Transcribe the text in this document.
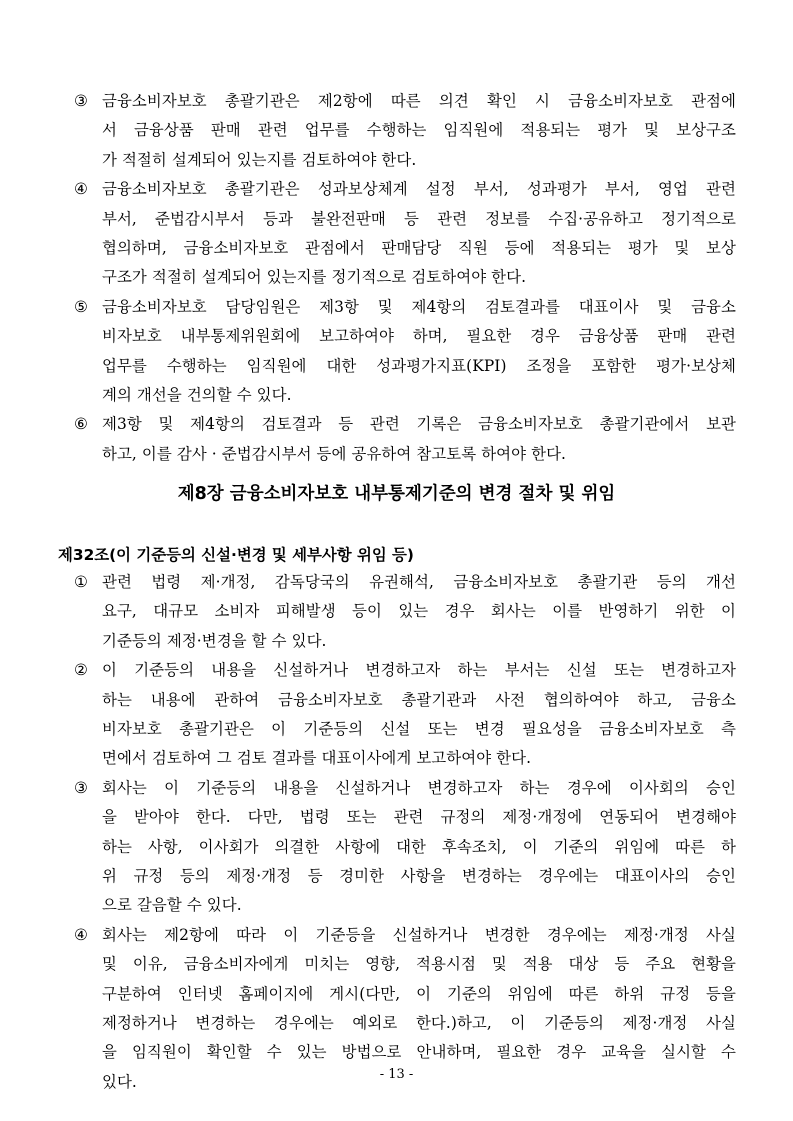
③ 금융소비자보호 총괄기관은 제2항에 따른 의견 확인 시 금융소비자보호 관점에
서 금융상품 판매 관련 업무를 수행하는 임직원에 적용되는 평가 및 보상구조
가 적절히 설계되어 있는지를 검토하여야 한다.
④ 금융소비자보호 총괄기관은 성과보상체계 설정 부서, 성과평가 부서, 영업 관련
부서, 준법감시부서 등과 불완전판매 등 관련 정보를 수집·공유하고 정기적으로
협의하며, 금융소비자보호 관점에서 판매담당 직원 등에 적용되는 평가 및 보상
구조가 적절히 설계되어 있는지를 정기적으로 검토하여야 한다.
⑤ 금융소비자보호 담당임원은 제3항 및 제4항의 검토결과를 대표이사 및 금융소
비자보호 내부통제위원회에 보고하여야 하며, 필요한 경우 금융상품 판매 관련
업무를 수행하는 임직원에 대한 성과평가지표(KPI) 조정을 포함한 평가·보상체
계의 개선을 건의할 수 있다.
⑥ 제3항 및 제4항의 검토결과 등 관련 기록은 금융소비자보호 총괄기관에서 보관
하고, 이를 감사 · 준법감시부서 등에 공유하여 참고토록 하여야 한다.
제8장 금융소비자보호 내부통제기준의 변경 절차 및 위임
제32조(이 기준등의 신설·변경 및 세부사항 위임 등)
① 관련 법령 제·개정, 감독당국의 유권해석, 금융소비자보호 총괄기관 등의 개선
요구, 대규모 소비자 피해발생 등이 있는 경우 회사는 이를 반영하기 위한 이
기준등의 제정·변경을 할 수 있다.
② 이 기준등의 내용을 신설하거나 변경하고자 하는 부서는 신설 또는 변경하고자
하는 내용에 관하여 금융소비자보호 총괄기관과 사전 협의하여야 하고, 금융소
비자보호 총괄기관은 이 기준등의 신설 또는 변경 필요성을 금융소비자보호 측
면에서 검토하여 그 검토 결과를 대표이사에게 보고하여야 한다.
③ 회사는 이 기준등의 내용을 신설하거나 변경하고자 하는 경우에 이사회의 승인
을 받아야 한다. 다만, 법령 또는 관련 규정의 제정·개정에 연동되어 변경해야
하는 사항, 이사회가 의결한 사항에 대한 후속조치, 이 기준의 위임에 따른 하
위 규정 등의 제정·개정 등 경미한 사항을 변경하는 경우에는 대표이사의 승인
으로 갈음할 수 있다.
④ 회사는 제2항에 따라 이 기준등을 신설하거나 변경한 경우에는 제정·개정 사실
및 이유, 금융소비자에게 미치는 영향, 적용시점 및 적용 대상 등 주요 현황을
구분하여 인터넷 홈페이지에 게시(다만, 이 기준의 위임에 따른 하위 규정 등을
제정하거나 변경하는 경우에는 예외로 한다.)하고, 이 기준등의 제정·개정 사실
을 임직원이 확인할 수 있는 방법으로 안내하며, 필요한 경우 교육을 실시할 수
있다.	- 13 -
